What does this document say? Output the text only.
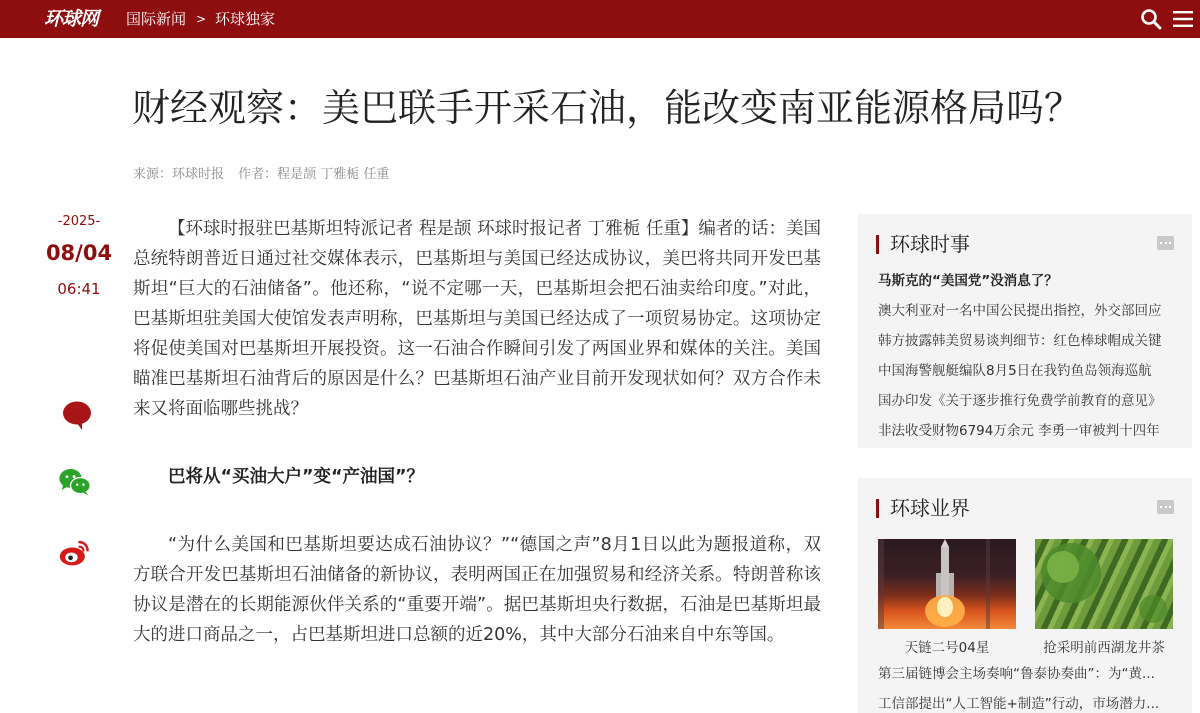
环球网 国际新闻 > 环球独家
财经观察：美巴联手开采石油，能改变南亚能源格局吗？
来源：环球时报 作者：程是颉 丁雅栀 任重
-2025-
08/04
06:41

【环球时报驻巴基斯坦特派记者 程是颉 环球时报记者 丁雅栀 任重】编者的话：美国总统特朗普近日通过社交媒体表示，巴基斯坦与美国已经达成协议，美巴将共同开发巴基斯坦“巨大的石油储备”。他还称，“说不定哪一天，巴基斯坦会把石油卖给印度。”对此，巴基斯坦驻美国大使馆发表声明称，巴基斯坦与美国已经达成了一项贸易协定。这项协定将促使美国对巴基斯坦开展投资。这一石油合作瞬间引发了两国业界和媒体的关注。美国瞄准巴基斯坦石油背后的原因是什么？巴基斯坦石油产业目前开发现状如何？双方合作未来又将面临哪些挑战？

巴将从“买油大户”变“产油国”？

“为什么美国和巴基斯坦要达成石油协议？”“德国之声”8月1日以此为题报道称，双方联合开发巴基斯坦石油储备的新协议，表明两国正在加强贸易和经济关系。特朗普称该协议是潜在的长期能源伙伴关系的“重要开端”。据巴基斯坦央行数据，石油是巴基斯坦最大的进口商品之一，占巴基斯坦进口总额的近20%，其中大部分石油来自中东等国。

环球时事
马斯克的“美国党”没消息了？
澳大利亚对一名中国公民提出指控，外交部回应
韩方披露韩美贸易谈判细节：红色棒球帽成关键
中国海警舰艇编队8月5日在我钓鱼岛领海巡航
国办印发《关于逐步推行免费学前教育的意见》
非法收受财物6794万余元 李勇一审被判十四年
环球业界
天链二号04星	抢采明前西湖龙井茶
第三届链博会主场奏响“鲁泰协奏曲”：为“黄...
工信部提出“人工智能+制造”行动，市场潜力...
